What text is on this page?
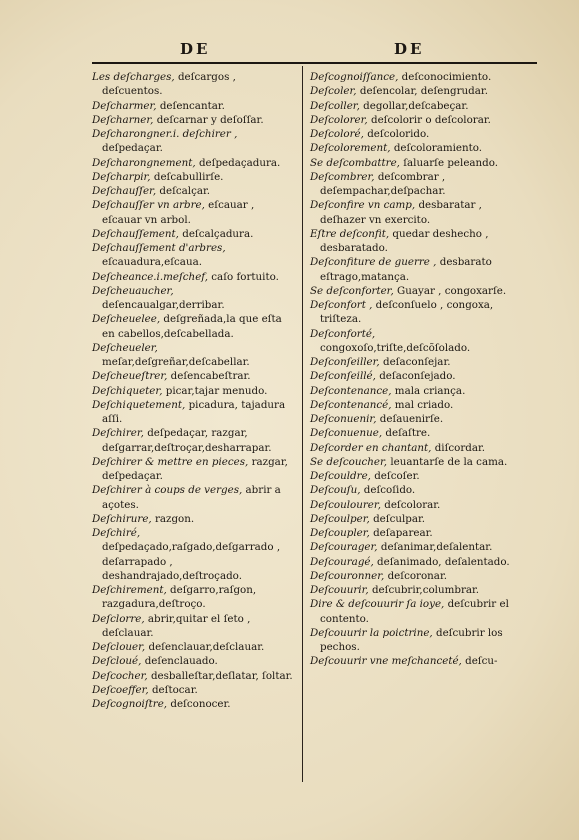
DE	DE
Les deſcharges, deſcargos , deſcuentos.
Deſcharmer, deſencantar.
Deſcharner, deſcarnar y deſoſſar.
Deſcharongner.i. deſchirer , deſpedaçar.
Deſcharongnement, deſpedaçadura.
Deſcharpir, deſcabullirſe.
Deſchauſſer, deſcalçar.
Deſchauſſer vn arbre, eſcauar , eſcauar vn arbol.
Deſchauſſement, deſcalçadura.
Deſchauſſement d'arbres, eſcauadura,eſcaua.
Deſcheance.i.meſchef, caſo fortuito.
Deſcheuaucher, deſencaualgar,derribar.
Deſcheuelee, deſgreñada,la que eſta en cabellos,deſcabellada.
Deſcheueler, meſar,deſgreñar,deſcabellar.
Deſcheueſtrer, deſencabeſtrar.
Deſchiqueter, picar,tajar menudo.
Deſchiquetement, picadura, tajadura aſſi.
Deſchirer, deſpedaçar, razgar, deſgarrar,deſtroçar,desharrapar.
Deſchirer & mettre en pieces, razgar, deſpedaçar.
Deſchirer à coups de verges, abrir a açotes.
Deſchirure, razgon.
Deſchiré, deſpedaçado,raſgado,deſgarrado , deſarrapado , deshandrajado,deſtroçado.
Deſchirement, deſgarro,raſgon, razgadura,deſtroço.
Deſclorre, abrir,quitar el ſeto , deſclauar.
Deſclouer, deſenclauar,deſclauar.
Deſcloué, deſenclauado.
Deſcocher, desballeſtar,deſlatar, ſoltar.
Deſcoeffer, deſtocar.
Deſcognoiſtre, deſconocer.
Deſcognoiſſance, deſconocimiento.
Deſcoler, deſencolar, deſengrudar.
Deſcoller, degollar,deſcabeçar.
Deſcolorer, deſcolorir o deſcolorar.
Deſcoloré, deſcolorido.
Deſcolorement, deſcoloramiento.
Se deſcombattre, ſaluarſe peleando.
Deſcombrer, deſcombrar , deſempachar,deſpachar.
Deſconfire vn camp, desbaratar , deſhazer vn exercito.
Eſtre deſconfit, quedar deshecho , desbaratado.
Deſconfiture de guerre , desbarato eſtrago,matança.
Se deſconforter, Guayar , congoxarſe.
Deſconfort , deſconſuelo , congoxa, triſteza.
Deſconforté, congoxoſo,triſte,deſcõſolado.
Deſconſeiller, deſaconſejar.
Deſconſeillé, deſaconſejado.
Deſcontenance, mala criança.
Deſcontenancé, mal criado.
Deſconuenir, deſauenirſe.
Deſconuenue, deſaſtre.
Deſcorder en chantant, diſcordar.
Se deſcoucher, leuantarſe de la cama.
Deſcouldre, deſcoſer.
Deſcouſu, deſcoſido.
Deſcoulourer, deſcolorar.
Deſcoulper, deſculpar.
Deſcoupler, deſaparear.
Deſcourager, deſanimar,deſalentar.
Deſcouragé, deſanimado, deſalentado.
Deſcouronner, deſcoronar.
Deſcouurir, deſcubrir,columbrar.
Dire & deſcouurir ſa ioye, deſcubrir el contento.
Deſcouurir la poictrine, deſcubrir los pechos.
Deſcouurir vne meſchanceté, deſcu-
